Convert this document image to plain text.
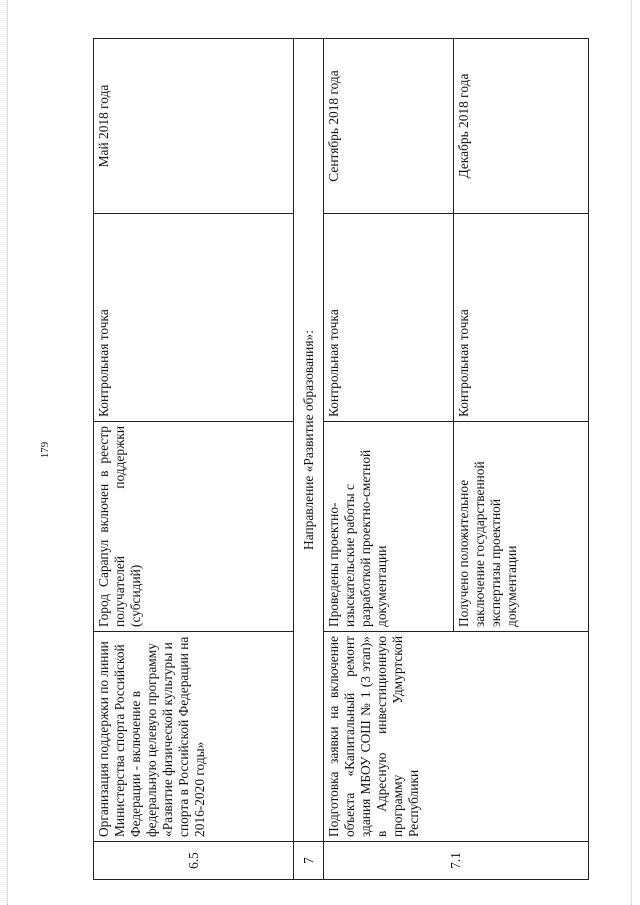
179
6.5	Организация поддержки по линии Министерства спорта Российской Федерации - включение в федеральную целевую программу «Развитие физической культуры и спорта в Российской Федерации на 2016-2020 годы»	Город Сарапул включен в реестр получателей поддержки (субсидий)	Контрольная точка	Май 2018 года
7	Направление «Развитие образования»:			
7.1	Подготовка заявки на включение объекта «Капитальный ремонт здания МБОУ СОШ № 1 (3 этап)» в Адресную инвестиционную программу Удмуртской Республики	Проведены проектно-изыскательские работы с разработкой проектно-сметной документации	Контрольная точка	Сентябрь 2018 года
		Получено положительное заключение государственной экспертизы проектной документации	Контрольная точка	Декабрь 2018 года
